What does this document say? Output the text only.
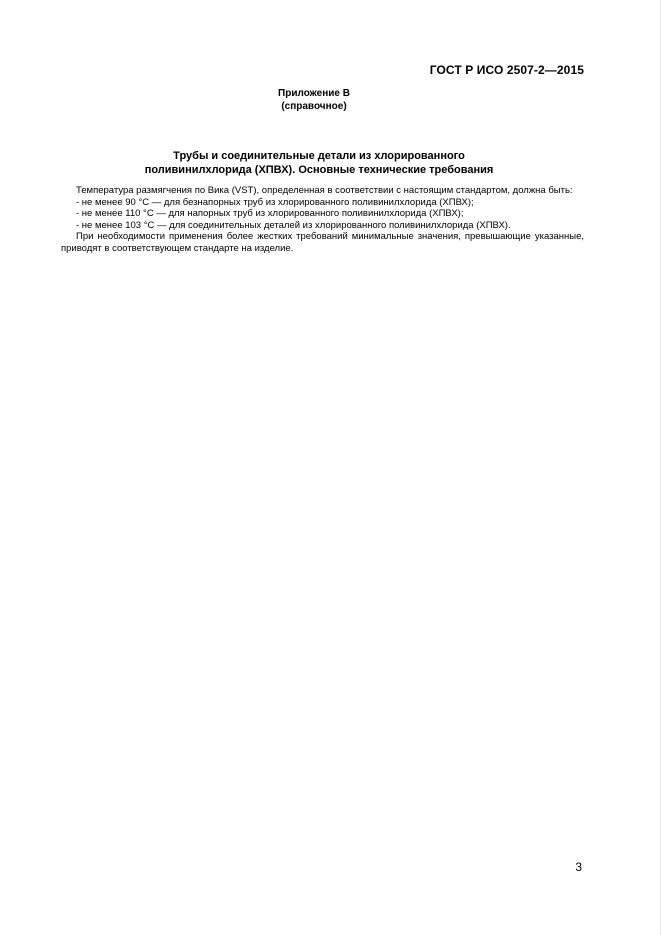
ГОСТ Р ИСО 2507-2—2015
Приложение В
(справочное)
Трубы и соединительные детали из хлорированного
поливинилхлорида (ХПВХ). Основные технические требования

Температура размягчения по Вика (VST), определенная в соответствии с настоящим стандартом, должна быть:

- не менее 90 °С — для безнапорных труб из хлорированного поливинилхлорида (ХПВХ);

- не менее 110 °С — для напорных труб из хлорированного поливинилхлорида (ХПВХ);

- не менее 103 °С — для соединительных деталей из хлорированного поливинилхлорида (ХПВХ).

При необходимости применения более жестких требований минимальные значения, превышающие указанные, приводят в соответствующем стандарте на изделие.

3
